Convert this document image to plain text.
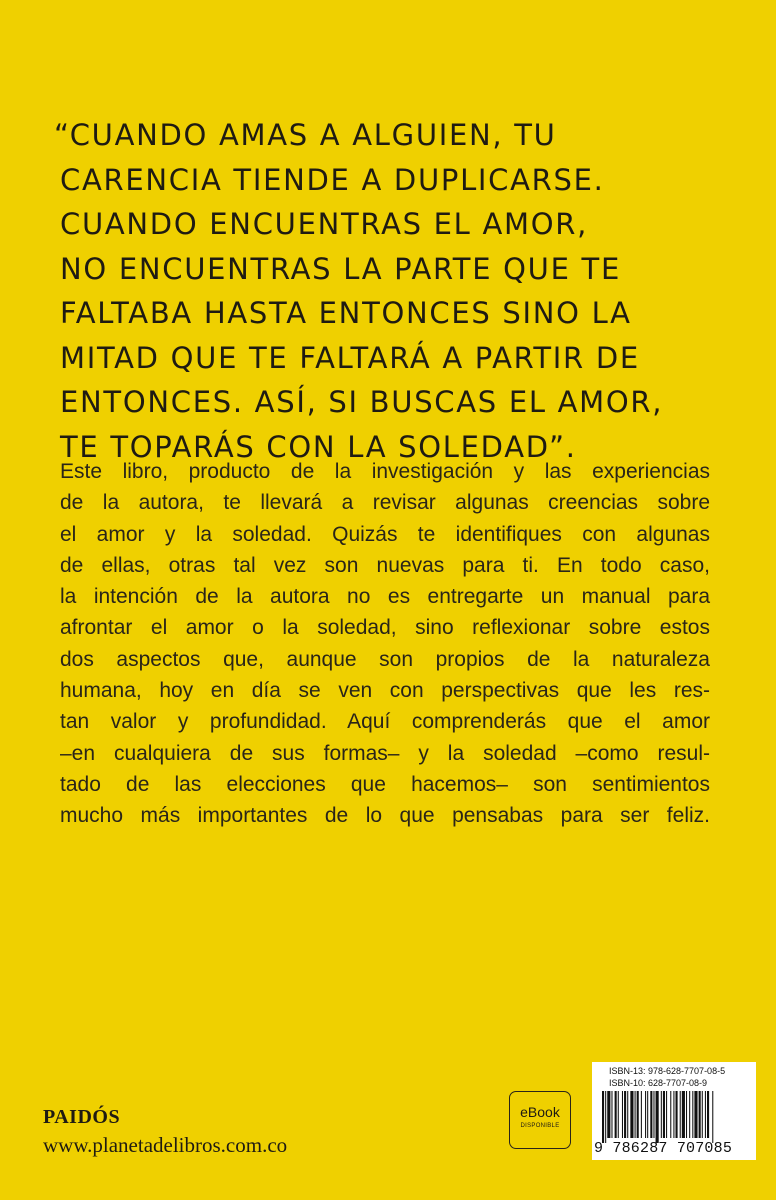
“CUANDO AMAS A ALGUIEN, TU
CARENCIA TIENDE A DUPLICARSE.
CUANDO ENCUENTRAS EL AMOR,
NO ENCUENTRAS LA PARTE QUE TE
FALTABA HASTA ENTONCES SINO LA
MITAD QUE TE FALTARÁ A PARTIR DE
ENTONCES. ASÍ, SI BUSCAS EL AMOR,
TE TOPARÁS CON LA SOLEDAD”.
Este libro, producto de la investigación y las experiencias
de la autora, te llevará a revisar algunas creencias sobre
el amor y la soledad. Quizás te identifiques con algunas
de ellas, otras tal vez son nuevas para ti. En todo caso,
la intención de la autora no es entregarte un manual para
afrontar el amor o la soledad, sino reflexionar sobre estos
dos aspectos que, aunque son propios de la naturaleza
humana, hoy en día se ven con perspectivas que les res-
tan valor y profundidad. Aquí comprenderás que el amor
–en cualquiera de sus formas– y la soledad –como resul-
tado de las elecciones que hacemos– son sentimientos
mucho más importantes de lo que pensabas para ser feliz.
PAIDÓS
www.planetadelibros.com.co
eBook
DISPONIBLE
ISBN-13: 978-628-7707-08-5
ISBN-10: 628-7707-08-9
9 786287 707085
